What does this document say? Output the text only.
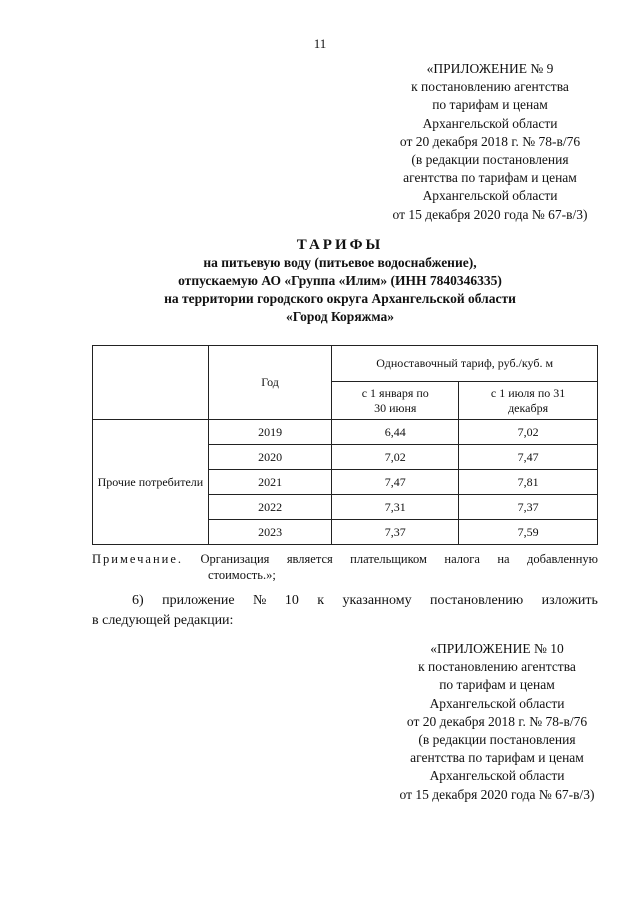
11
«ПРИЛОЖЕНИЕ № 9
к постановлению агентства
по тарифам и ценам
Архангельской области
от 20 декабря 2018 г. № 78-в/76
(в редакции постановления
агентства по тарифам и ценам
Архангельской области
от 15 декабря 2020 года № 67-в/3)
ТАРИФЫ
на питьевую воду (питьевое водоснабжение),
отпускаемую АО «Группа «Илим» (ИНН 7840346335)
на территории городского округа Архангельской области
«Город Коряжма»
	Год	Одноставочный тариф, руб./куб. м	
		с 1 января по 30 июня	с 1 июля по 31 декабря
Прочие потребители	2019	6,44	7,02
	2020	7,02	7,47
	2021	7,47	7,81
	2022	7,31	7,37
	2023	7,37	7,59
Примечание. Организация является плательщиком налога на добавленную
стоимость.»;
6) приложение № 10 к указанному постановлению изложить
в следующей редакции:
«ПРИЛОЖЕНИЕ № 10
к постановлению агентства
по тарифам и ценам
Архангельской области
от 20 декабря 2018 г. № 78-в/76
(в редакции постановления
агентства по тарифам и ценам
Архангельской области
от 15 декабря 2020 года № 67-в/3)
